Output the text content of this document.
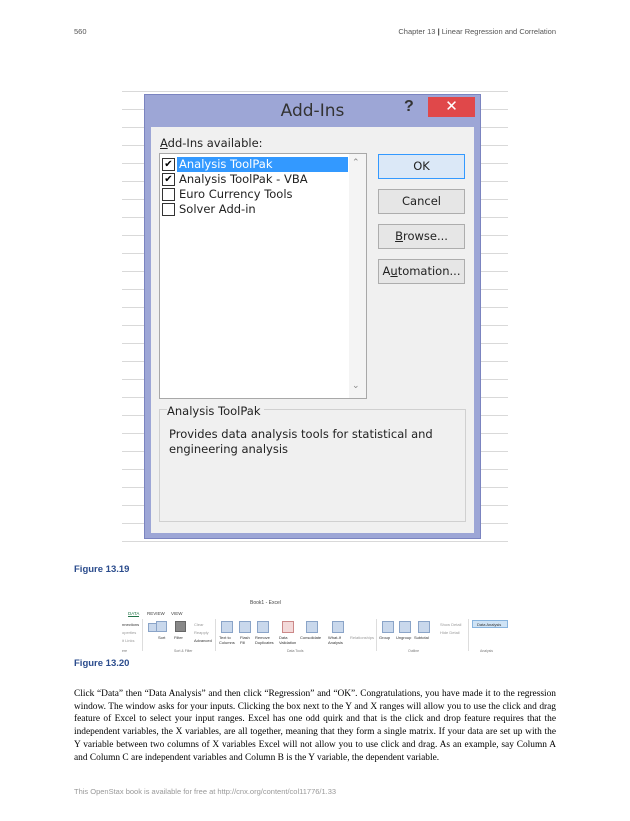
560	Chapter 13 | Linear Regression and Correlation
Add-Ins	?	✕
Add-Ins available:
✔ Analysis ToolPak
✔ Analysis ToolPak - VBA
Euro Currency Tools
Solver Add-in
⌃
⌄
OK
Cancel
Browse...
Automation...
Analysis ToolPak
Provides data analysis tools for statistical and engineering analysis
Figure 13.19
Book1 - Excel
DATA REVIEW VIEW
nnections
operties
it Links
ere
Sort Filter
Clear
Reapply
Advanced
Sort & Filter
Text to Columns
Flash Fill
Remove Duplicates
Data Validation
Consolidate What-If Analysis
Relationships
Data Tools
Group Ungroup Subtotal
Show Detail
Hide Detail
Outline
Data Analysis
Analysis
Figure 13.20
Click “Data” then “Data Analysis” and then click “Regression” and “OK”. Congratulations, you have made it to the regression window. The window asks for your inputs. Clicking the box next to the Y and X ranges will allow you to use the click and drag feature of Excel to select your input ranges. Excel has one odd quirk and that is the click and drop feature requires that the independent variables, the X variables, are all together, meaning that they form a single matrix. If your data are set up with the Y variable between two columns of X variables Excel will not allow you to use click and drag. As an example, say Column A and Column C are independent variables and Column B is the Y variable, the dependent variable.
This OpenStax book is available for free at http://cnx.org/content/col11776/1.33
